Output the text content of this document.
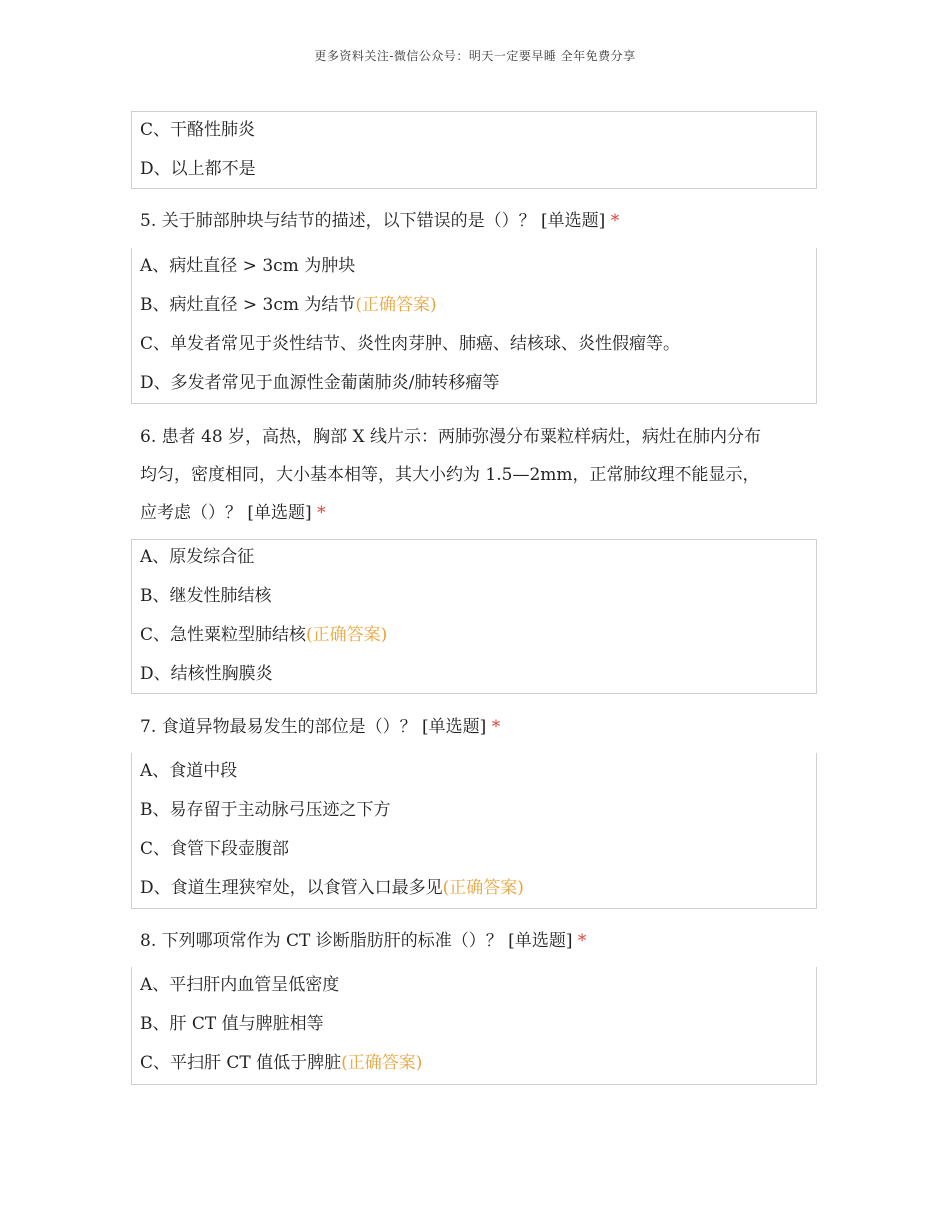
更多资料关注-微信公众号：明天一定要早睡 全年免费分享
C、干酪性肺炎
D、以上都不是
5. 关于肺部肿块与结节的描述，以下错误的是（）？ [单选题] *
A、病灶直径 > 3cm 为肿块
B、病灶直径 > 3cm 为结节(正确答案)
C、单发者常见于炎性结节、炎性肉芽肿、肺癌、结核球、炎性假瘤等。
D、多发者常见于血源性金葡菌肺炎/肺转移瘤等
6. 患者 48 岁，高热，胸部 X 线片示：两肺弥漫分布粟粒样病灶，病灶在肺内分布
均匀，密度相同，大小基本相等，其大小约为 1.5—2mm，正常肺纹理不能显示，
应考虑（）？ [单选题] *
A、原发综合征
B、继发性肺结核
C、急性粟粒型肺结核(正确答案)
D、结核性胸膜炎
7. 食道异物最易发生的部位是（）？ [单选题] *
A、食道中段
B、易存留于主动脉弓压迹之下方
C、食管下段壶腹部
D、食道生理狭窄处，以食管入口最多见(正确答案)
8. 下列哪项常作为 CT 诊断脂肪肝的标准（）？ [单选题] *
A、平扫肝内血管呈低密度
B、肝 CT 值与脾脏相等
C、平扫肝 CT 值低于脾脏(正确答案)
